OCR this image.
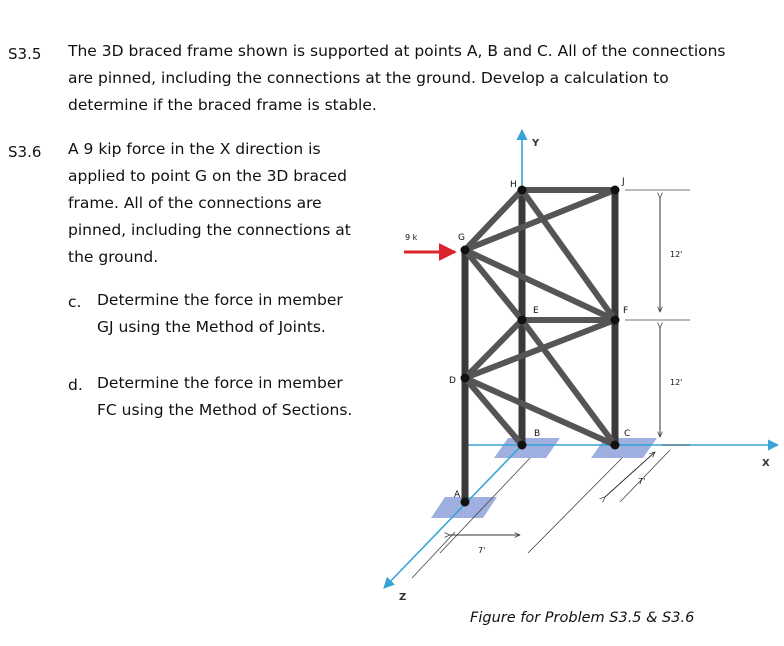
S3.5 The 3D braced frame shown is supported at points A, B and C. All of the connections
are pinned, including the connections at the ground. Develop a calculation to
determine if the braced frame is stable.
S3.6 A 9 kip force in the X direction is
applied to point G on the 3D braced
frame. All of the connections are
pinned, including the connections at
the ground.
c. Determine the force in member
GJ using the Method of Joints.
d. Determine the force in member
FC using the Method of Sections.
X
Y
Z
H	J
G
E	F
D
B	C
A
9 k
12'
12'
7'
7'
Figure for Problem S3.5 & S3.6
